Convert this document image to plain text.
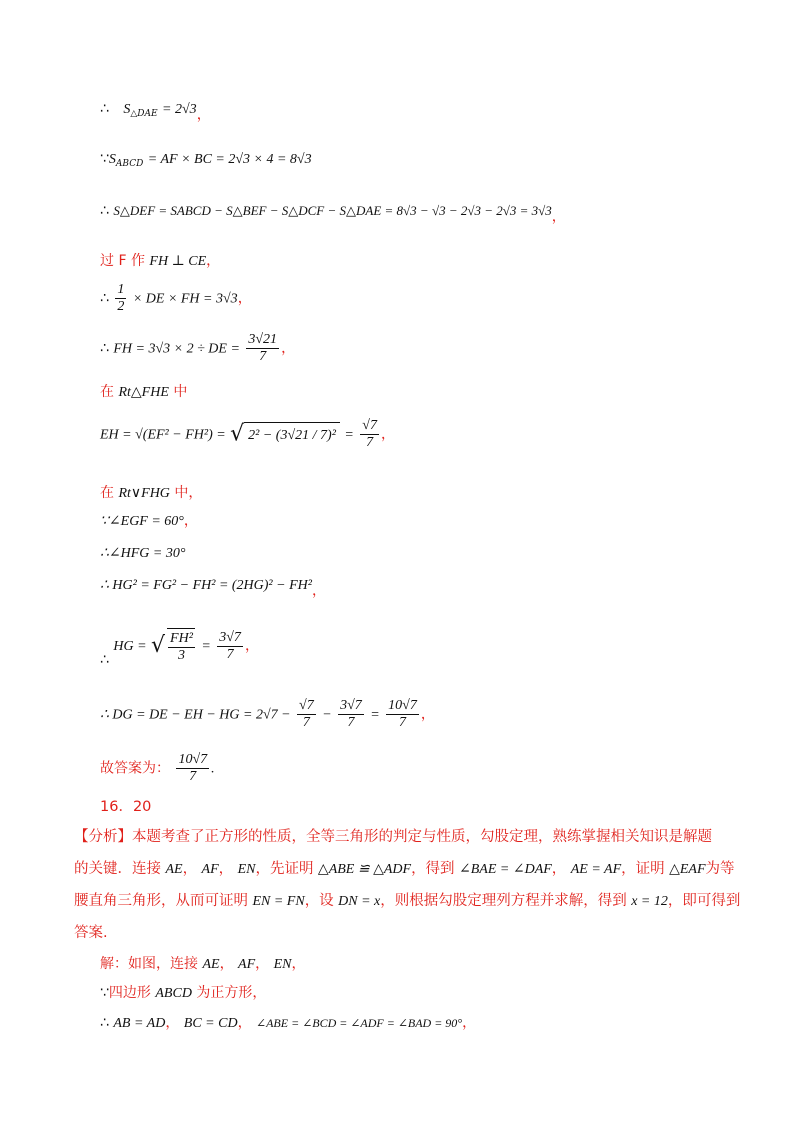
∴ $S_{\triangle DAE} = 2√3$，
$\because S_{ABCD}$ = AF × BC = 2√3 × 4 = 8√3
∴ S△DEF = SABCD − S△BEF − S△DCF − S△DAE = 8√3 − √3 − 2√3 − 2√3 = 3√3，
过 F 作 FH ⊥ CE，
∴ $\frac{1}{2}$ × DE × FH = 3√3，
∴ FH = 3√3 × 2 ÷ DE = $\frac{3√21}{7}$ ，
在 Rt△FHE 中
EH = √(EF² − FH²) = √ $2^2 - (3√21 / 7)^2 = \frac{√7}{7}$ ，
在 Rt∨FHG 中，
∵∠EGF = 60°，
∴∠HFG = 30°
∴ HG² = FG² − FH² = (2HG)² − FH²，
∴ HG = √ $\frac{\text{FH²}}{3} = \frac{3√7}{7}$ ，
∴ DG = DE − EH − HG = $2√7 - \frac{√7}{7} - \frac{3√7}{7} = \frac{10√7}{7}$ ，
故答案为： $\frac{10√7}{7}$ .
16．20
【分析】本题考查了正方形的性质，全等三角形的判定与性质，勾股定理，熟练掌握相关知识是解题
的关键．连接 AE， AF， EN，先证明 △ABE ≌ △ADF，得到 ∠BAE = ∠DAF， AE = AF，证明 △EAF为等
腰直角三角形，从而可证明 EN = FN，设 DN = x，则根据勾股定理列方程并求解，得到 x = 12，即可得到
答案.
解：如图，连接 AE， AF， EN，
∵四边形 ABCD 为正方形，
∴ AB = AD， BC = CD， ∠ABE = ∠BCD = ∠ADF = ∠BAD = 90°，
